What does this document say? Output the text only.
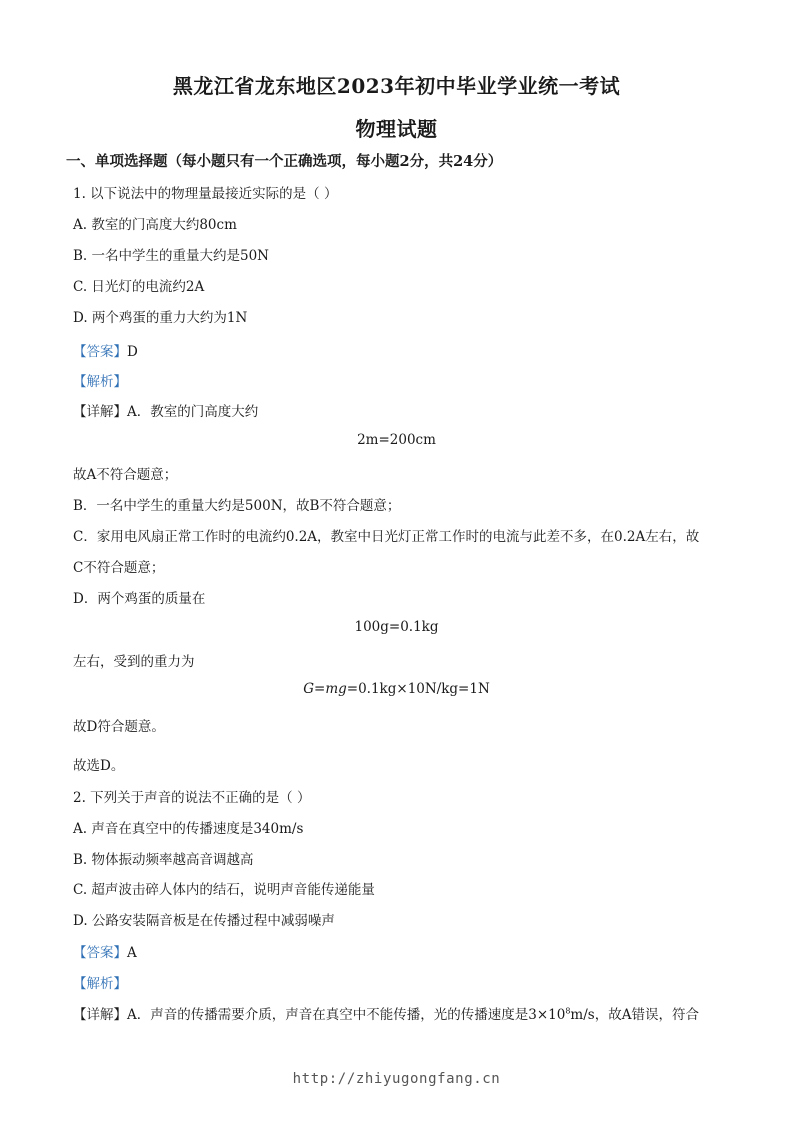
黑龙江省龙东地区2023年初中毕业学业统一考试
物理试题
一、单项选择题（每小题只有一个正确选项，每小题2分，共24分）
1. 以下说法中的物理量最接近实际的是（ ）
A. 教室的门高度大约80cm
B. 一名中学生的重量大约是50N
C. 日光灯的电流约2A
D. 两个鸡蛋的重力大约为1N
【答案】D
【解析】
【详解】A．教室的门高度大约
2m=200cm
故A不符合题意；
B．一名中学生的重量大约是500N，故B不符合题意；
C．家用电风扇正常工作时的电流约0.2A，教室中日光灯正常工作时的电流与此差不多，在0.2A左右，故
C不符合题意；
D．两个鸡蛋的质量在
100g=0.1kg
左右，受到的重力为
G=mg=0.1kg×10N/kg=1N
故D符合题意。
故选D。
2. 下列关于声音的说法不正确的是（ ）
A. 声音在真空中的传播速度是340m/s
B. 物体振动频率越高音调越高
C. 超声波击碎人体内的结石，说明声音能传递能量
D. 公路安装隔音板是在传播过程中减弱噪声
【答案】A
【解析】
【详解】A．声音的传播需要介质，声音在真空中不能传播，光的传播速度是$3\times 10^8m/s$，故A错误，符合
http://zhiyugongfang.cn
